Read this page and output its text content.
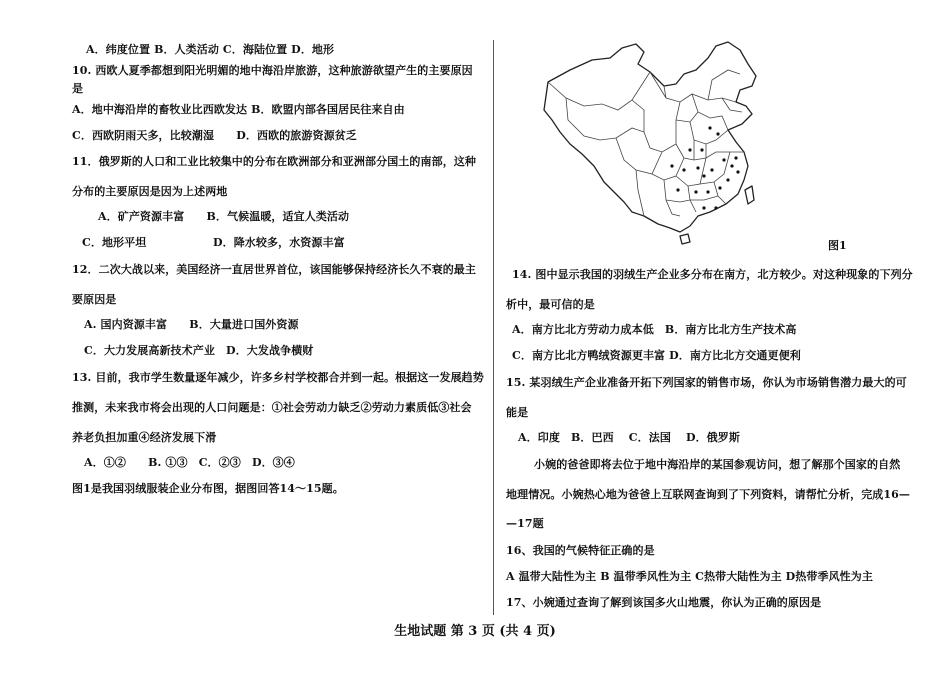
A．纬度位置 B．人类活动 C．海陆位置 D．地形
10. 西欧人夏季都想到阳光明媚的地中海沿岸旅游，这种旅游欲望产生的主要原因
是
A．地中海沿岸的畜牧业比西欧发达 B．欧盟内部各国居民往来自由
C．西欧阴雨天多，比较潮湿　　D．西欧的旅游资源贫乏
11．俄罗斯的人口和工业比较集中的分布在欧洲部分和亚洲部分国土的南部，这种
分布的主要原因是因为上述两地
A．矿产资源丰富　　B．气候温暖，适宜人类活动
C．地形平坦　　　　　　D．降水较多，水资源丰富
12．二次大战以来，美国经济一直居世界首位，该国能够保持经济长久不衰的最主
要原因是
A. 国内资源丰富　　B．大量进口国外资源
C．大力发展高新技术产业　D．大发战争横财
13. 目前，我市学生数量逐年减少，许多乡村学校都合并到一起。根据这一发展趋势
推测，未来我市将会出现的人口问题是：①社会劳动力缺乏②劳动力素质低③社会
养老负担加重④经济发展下滑
A．①②　　B. ①③　C．②③　D．③④
图1是我国羽绒服装企业分布图，据图回答14～15题。
图1
14. 图中显示我国的羽绒生产企业多分布在南方，北方较少。对这种现象的下列分
析中，最可信的是
A．南方比北方劳动力成本低　B．南方比北方生产技术高
C．南方比北方鸭绒资源更丰富 D．南方比北方交通更便利
15. 某羽绒生产企业准备开拓下列国家的销售市场，你认为市场销售潜力最大的可
能是
A．印度　B．巴西　 C．法国　 D．俄罗斯
小婉的爸爸即将去位于地中海沿岸的某国参观访问，想了解那个国家的自然
地理情况。小婉热心地为爸爸上互联网查询到了下列资料，请帮忙分析，完成16—
—17题
16、我国的气候特征正确的是
A 温带大陆性为主 B 温带季风性为主 C热带大陆性为主 D热带季风性为主
17、小婉通过查询了解到该国多火山地震，你认为正确的原因是
生地试题 第 3 页 (共 4 页)
